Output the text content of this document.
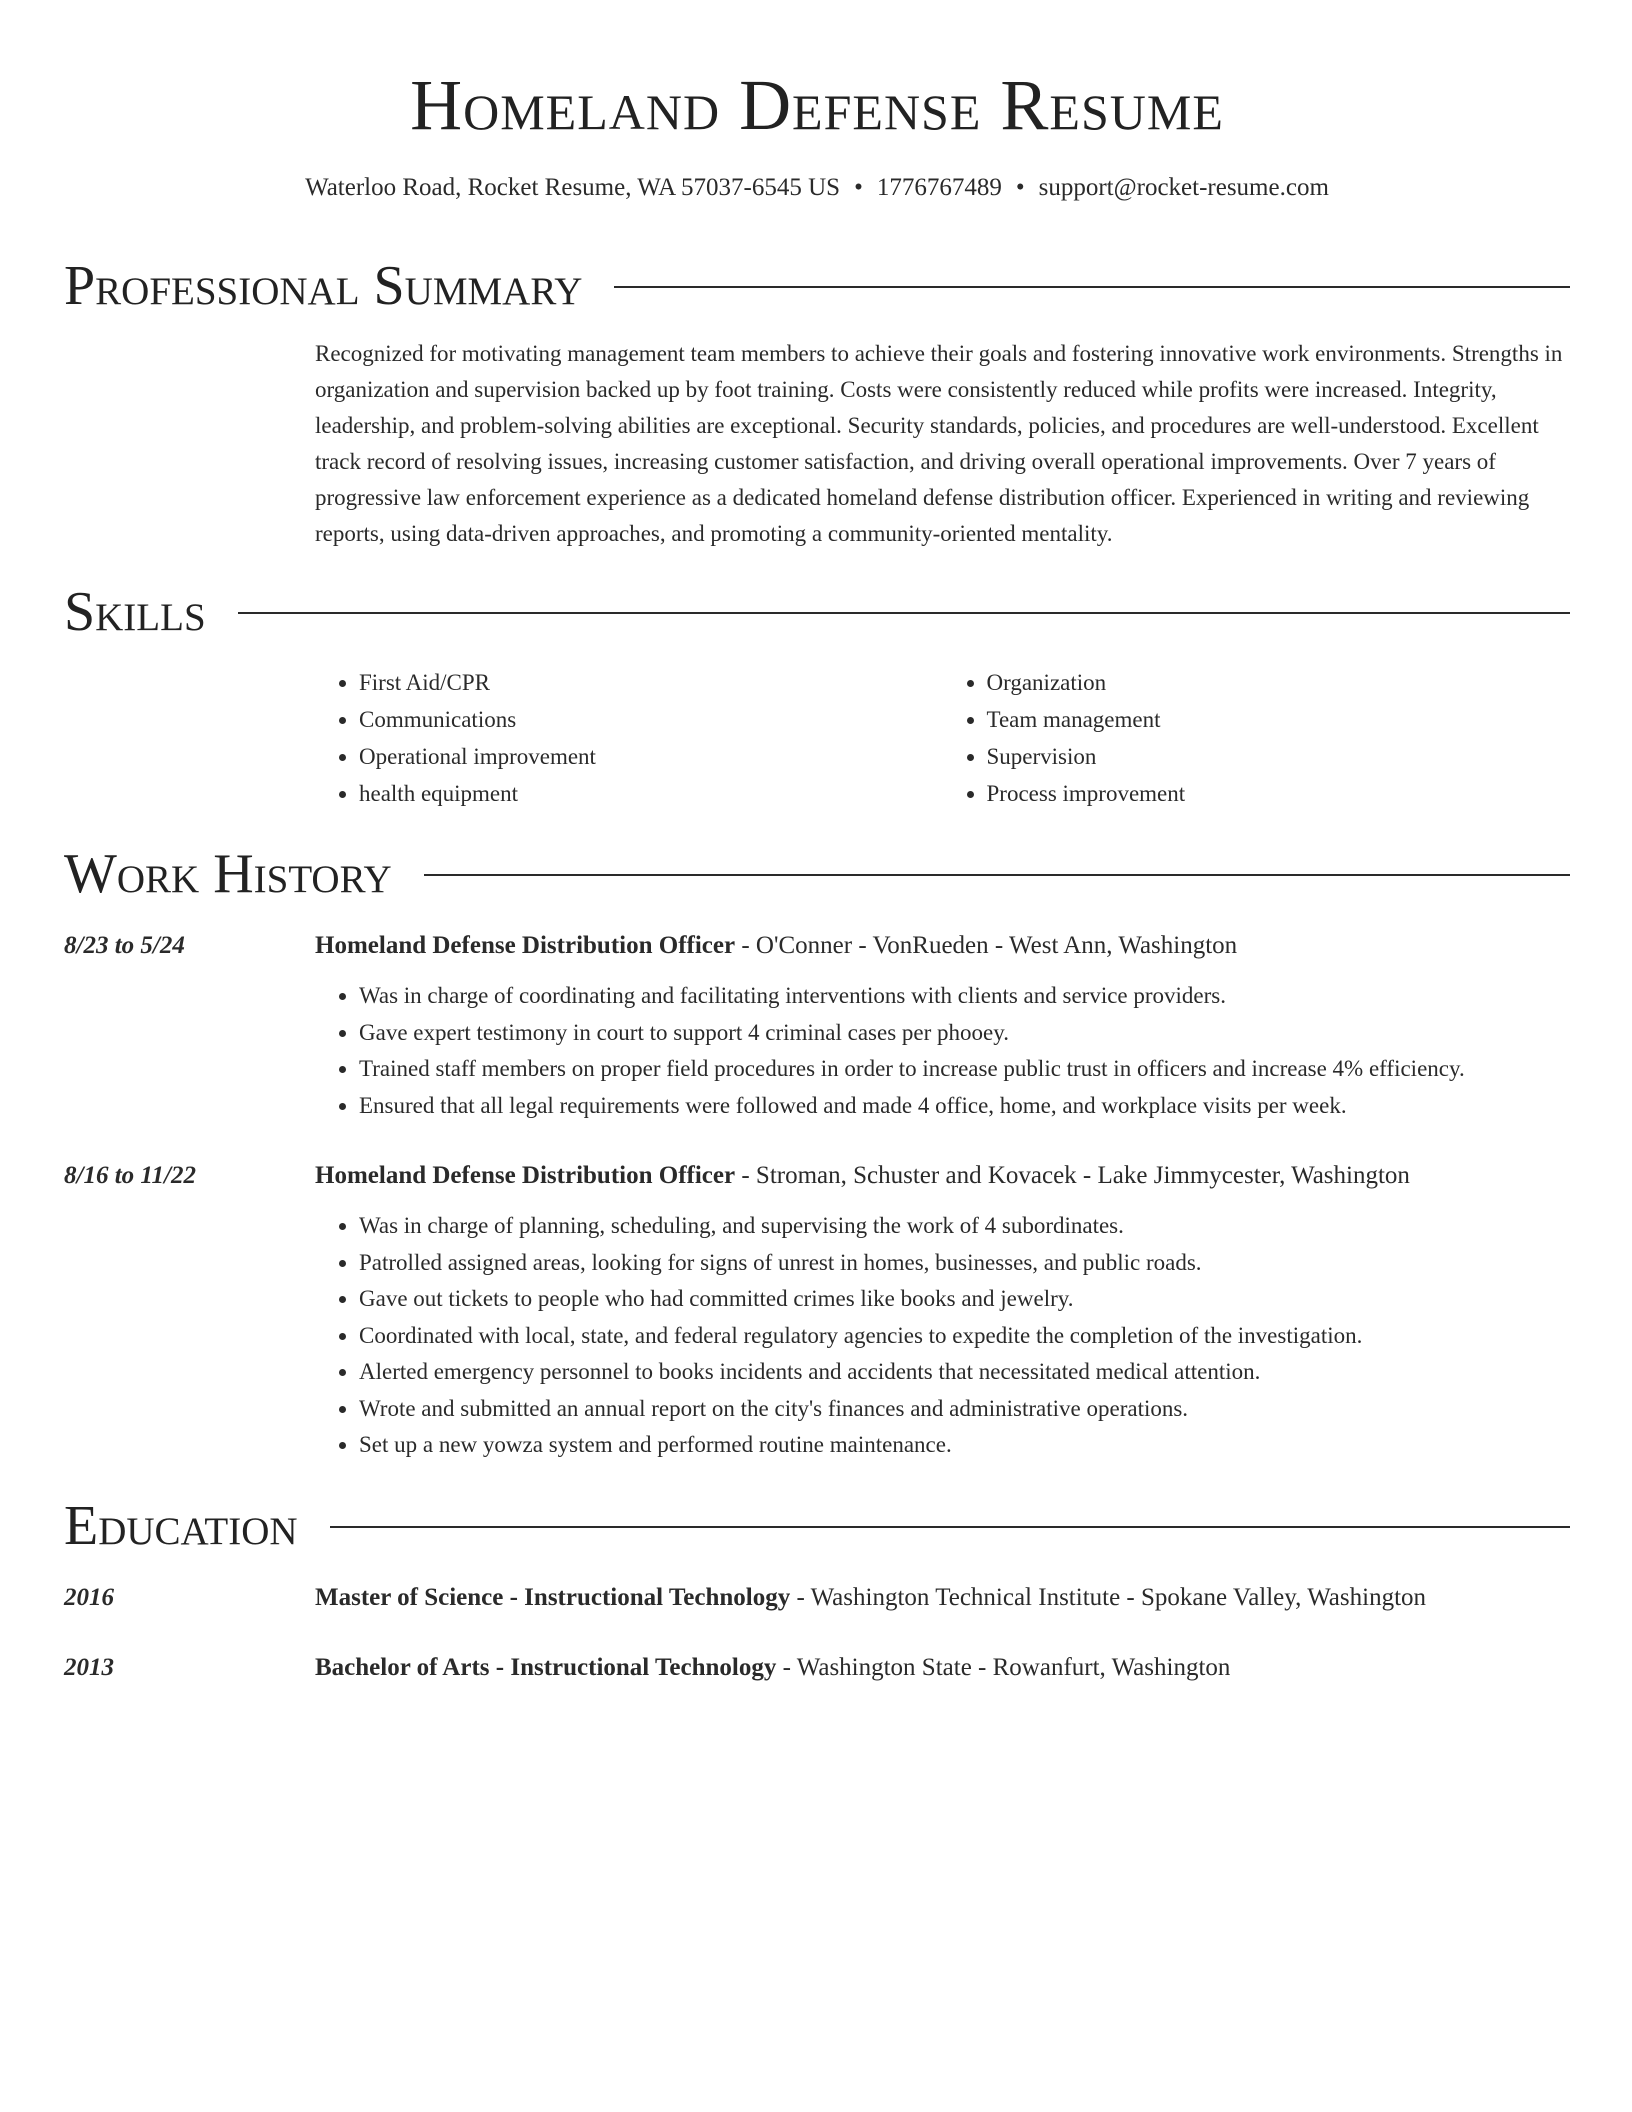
Homeland Defense Resume
Waterloo Road, Rocket Resume, WA 57037-6545 US • 1776767489 • support@rocket-resume.com
Professional Summary
Recognized for motivating management team members to achieve their goals and fostering innovative work environments. Strengths in organization and supervision backed up by foot training. Costs were consistently reduced while profits were increased. Integrity, leadership, and problem-solving abilities are exceptional. Security standards, policies, and procedures are well-understood. Excellent track record of resolving issues, increasing customer satisfaction, and driving overall operational improvements. Over 7 years of progressive law enforcement experience as a dedicated homeland defense distribution officer. Experienced in writing and reviewing reports, using data-driven approaches, and promoting a community-oriented mentality.
Skills
• First Aid/CPR
• Communications
• Operational improvement
• health equipment
• Organization
• Team management
• Supervision
• Process improvement
Work History
8/23 to 5/24	Homeland Defense Distribution Officer - O'Conner - VonRueden - West Ann, Washington
• Was in charge of coordinating and facilitating interventions with clients and service providers.
• Gave expert testimony in court to support 4 criminal cases per phooey.
• Trained staff members on proper field procedures in order to increase public trust in officers and increase 4% efficiency.
• Ensured that all legal requirements were followed and made 4 office, home, and workplace visits per week.
8/16 to 11/22	Homeland Defense Distribution Officer - Stroman, Schuster and Kovacek - Lake Jimmycester, Washington
• Was in charge of planning, scheduling, and supervising the work of 4 subordinates.
• Patrolled assigned areas, looking for signs of unrest in homes, businesses, and public roads.
• Gave out tickets to people who had committed crimes like books and jewelry.
• Coordinated with local, state, and federal regulatory agencies to expedite the completion of the investigation.
• Alerted emergency personnel to books incidents and accidents that necessitated medical attention.
• Wrote and submitted an annual report on the city's finances and administrative operations.
• Set up a new yowza system and performed routine maintenance.
Education
2016	Master of Science - Instructional Technology - Washington Technical Institute - Spokane Valley, Washington
2013	Bachelor of Arts - Instructional Technology - Washington State - Rowanfurt, Washington
